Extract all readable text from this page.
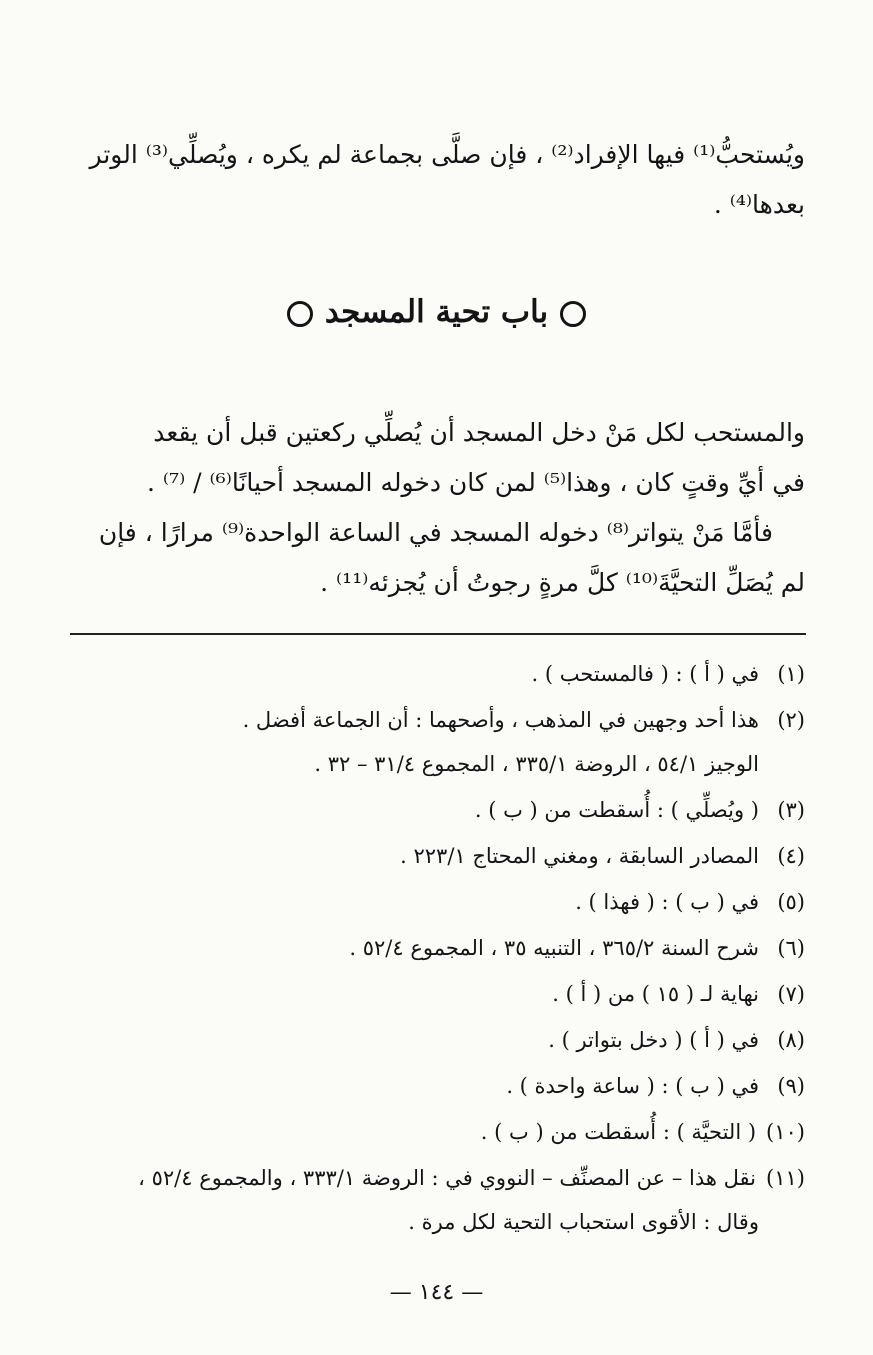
ويُستحبُّ⁽¹⁾ فيها الإفراد⁽²⁾ ، فإن صلَّى بجماعة لم يكره ، ويُصلِّي⁽³⁾ الوتر
بعدها⁽⁴⁾ .
باب تحية المسجد
والمستحب لكل مَنْ دخل المسجد أن يُصلِّي ركعتين قبل أن يقعد
في أيِّ وقتٍ كان ، وهذا⁽⁵⁾ لمن كان دخوله المسجد أحيانًا⁽⁶⁾ / ⁽⁷⁾ .
فأمَّا مَنْ يتواتر⁽⁸⁾ دخوله المسجد في الساعة الواحدة⁽⁹⁾ مرارًا ، فإن
لم يُصَلِّ التحيَّةَ⁽¹⁰⁾ كلَّ مرةٍ رجوتُ أن يُجزئه⁽¹¹⁾ .
(١)في ( أ ) : ( فالمستحب ) .
(٢)هذا أحد وجهين في المذهب ، وأصحهما : أن الجماعة أفضل .
الوجيز ٥٤/١ ، الروضة ٣٣٥/١ ، المجموع ٣١/٤ – ٣٢ .
(٣)( ويُصلِّي ) : أُسقطت من ( ب ) .
(٤)المصادر السابقة ، ومغني المحتاج ٢٢٣/١ .
(٥)في ( ب ) : ( فهذا ) .
(٦)شرح السنة ٣٦٥/٢ ، التنبيه ٣٥ ، المجموع ٥٢/٤ .
(٧)نهاية لـ ( ١٥ ) من ( أ ) .
(٨)في ( أ ) ( دخل بتواتر ) .
(٩)في ( ب ) : ( ساعة واحدة ) .
(١٠)( التحيَّة ) : أُسقطت من ( ب ) .
(١١)نقل هذا – عن المصنِّف – النووي في : الروضة ٣٣٣/١ ، والمجموع ٥٢/٤ ،
وقال : الأقوى استحباب التحية لكل مرة .
— ١٤٤ —
